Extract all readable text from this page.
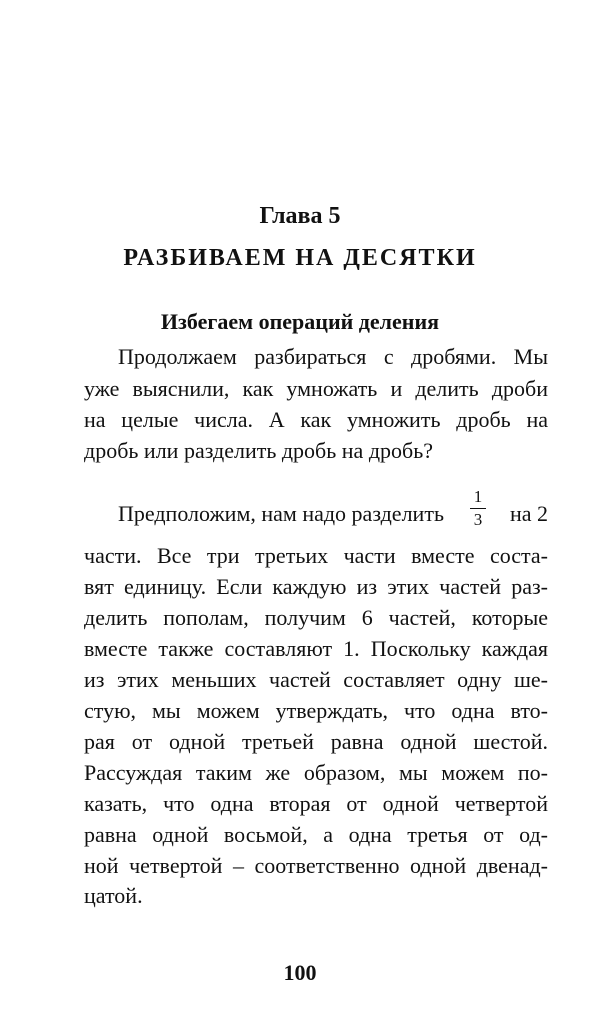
Глава 5
РАЗБИВАЕМ НА ДЕСЯТКИ
Избегаем операций деления
Продолжаем разбираться с дробями. Мы
уже выяснили, как умножать и делить дроби
на целые числа. А как умножить дробь на
дробь или разделить дробь на дробь?
Предположим, нам надо разделить
1
3	на 2
части. Все три третьих части вместе соста-
вят единицу. Если каждую из этих частей раз-
делить пополам, получим 6 частей, которые
вместе также составляют 1. Поскольку каждая
из этих меньших частей составляет одну ше-
стую, мы можем утверждать, что одна вто-
рая от одной третьей равна одной шестой.
Рассуждая таким же образом, мы можем по-
казать, что одна вторая от одной четвертой
равна одной восьмой, а одна третья от од-
ной четвертой – соответственно одной двенад-
цатой.
100
